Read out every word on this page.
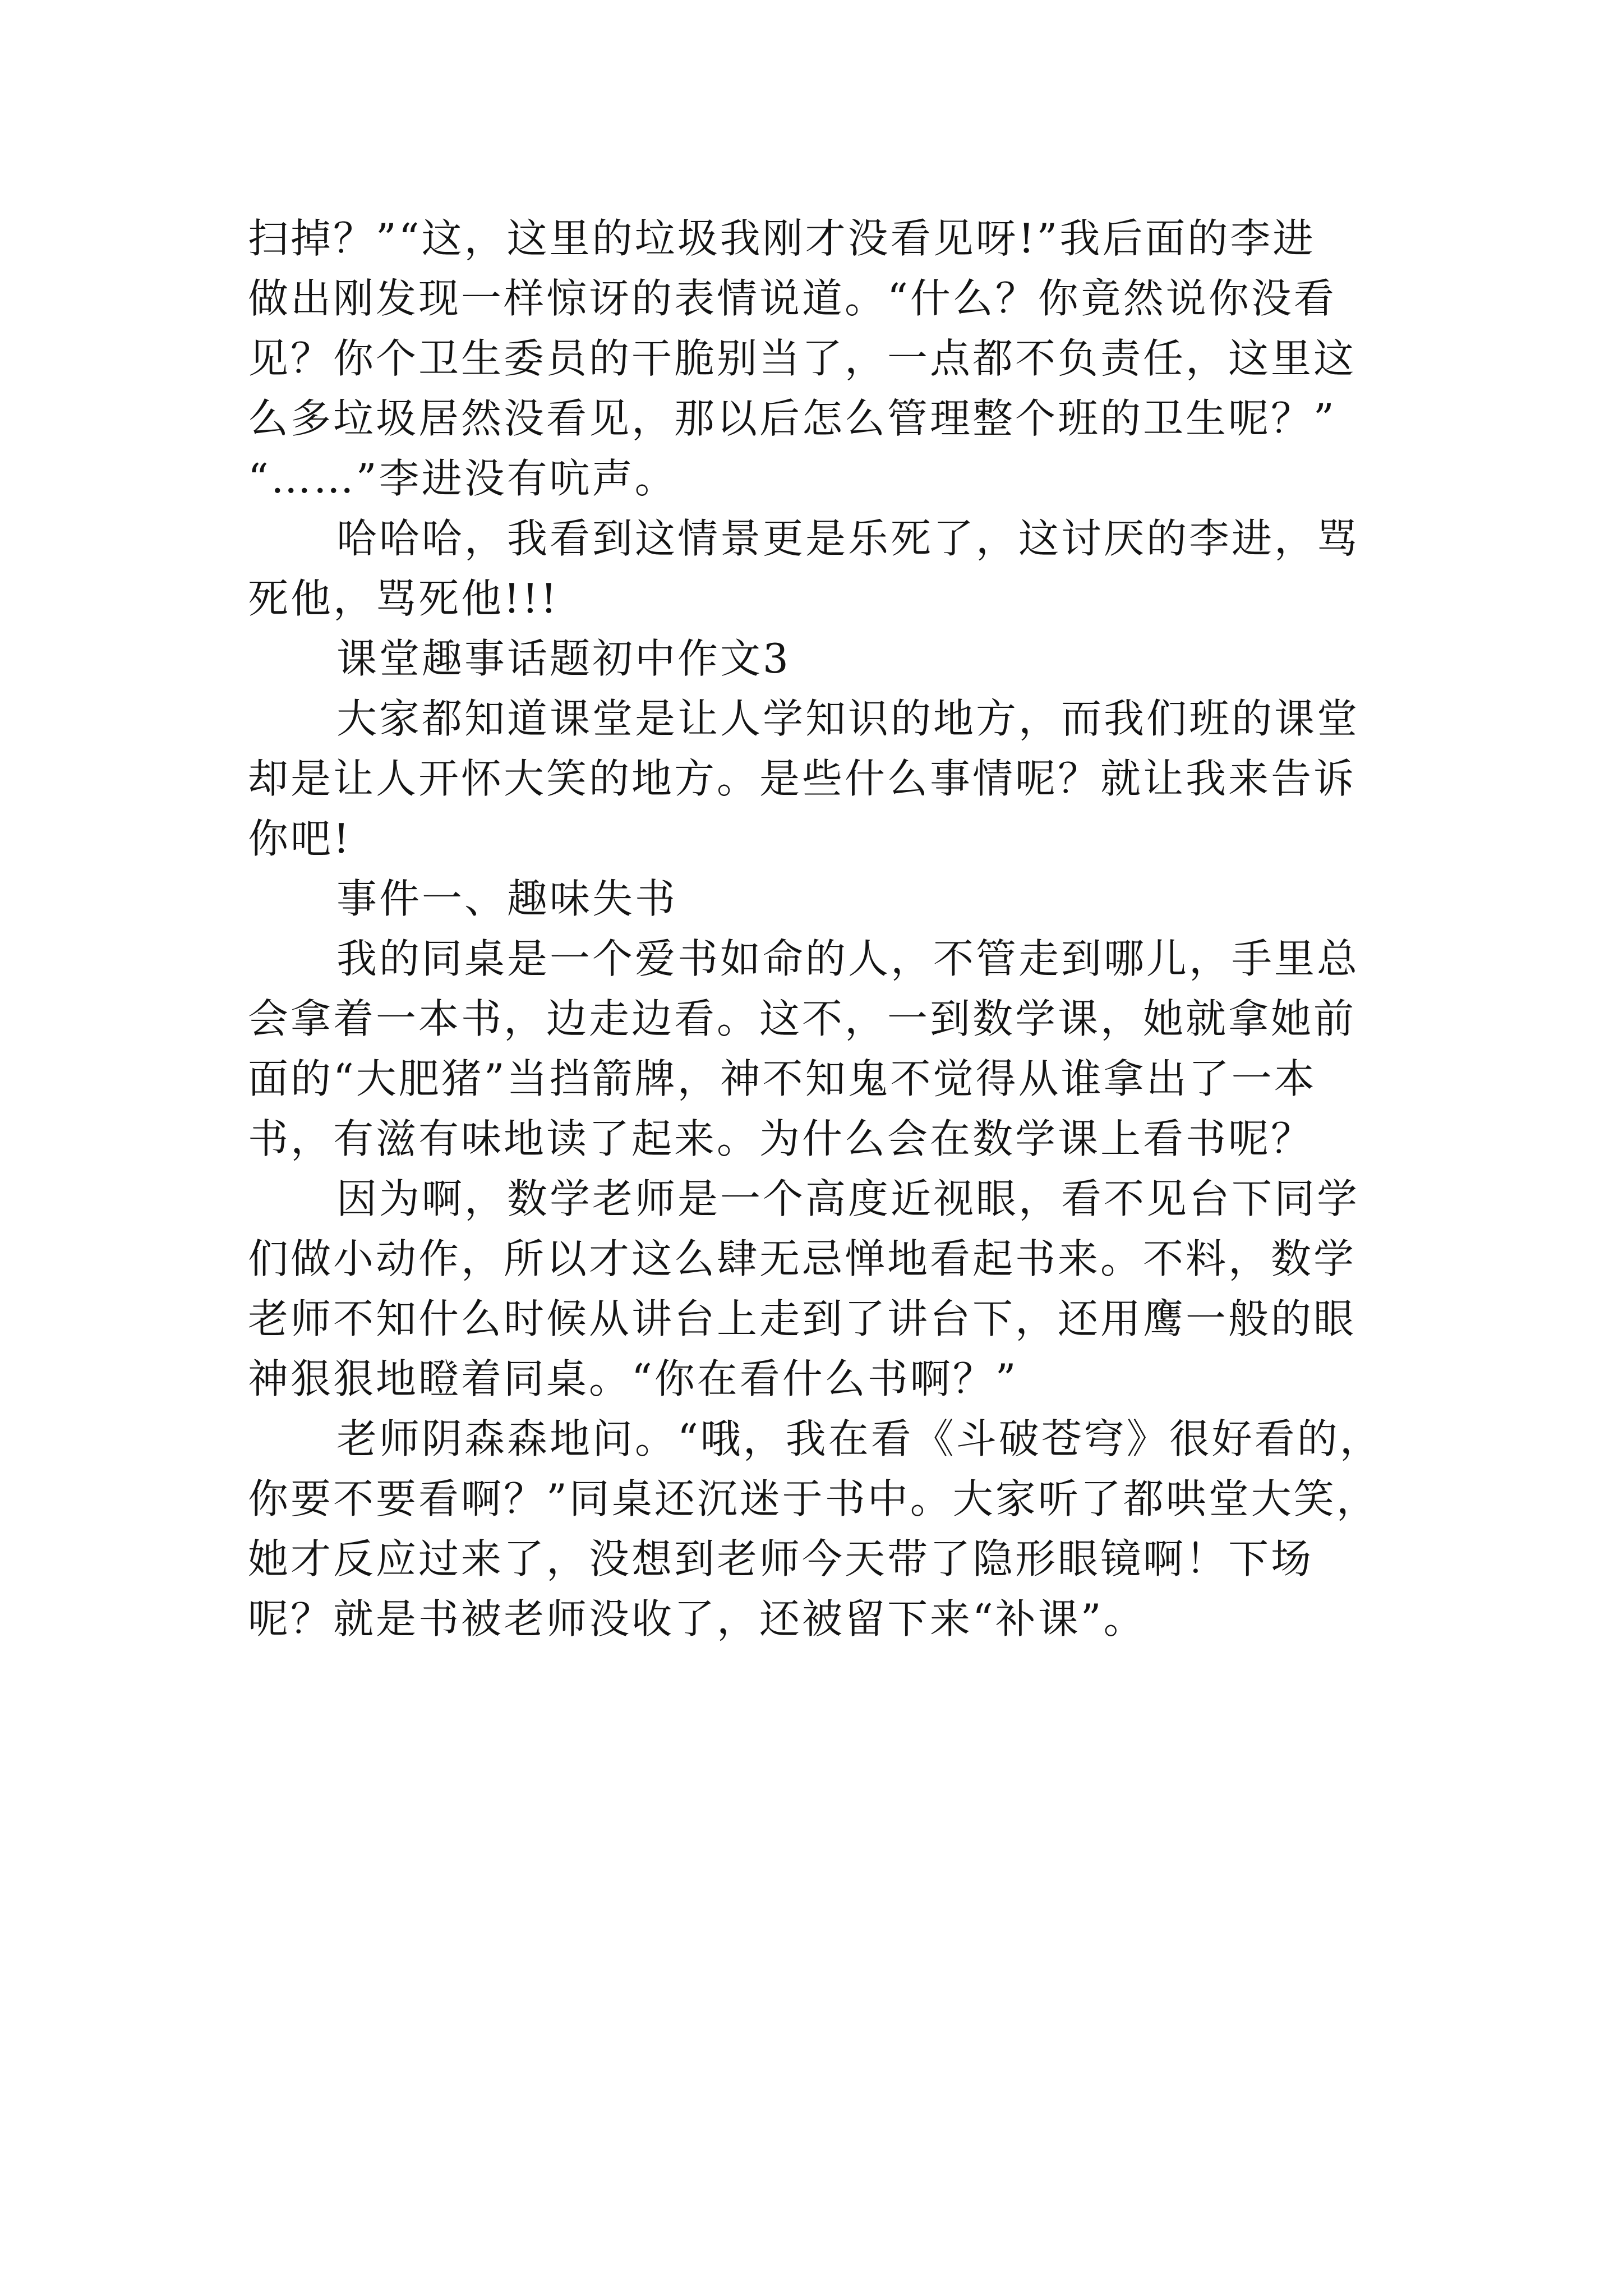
扫掉？”“这，这里的垃圾我刚才没看见呀!”我后面的李进
做出刚发现一样惊讶的表情说道。“什么？你竟然说你没看
见？你个卫生委员的干脆别当了，一点都不负责任，这里这
么多垃圾居然没看见，那以后怎么管理整个班的卫生呢？”
“……”李进没有吭声。
哈哈哈，我看到这情景更是乐死了，这讨厌的李进，骂
死他，骂死他!!!
课堂趣事话题初中作文3
大家都知道课堂是让人学知识的地方，而我们班的课堂
却是让人开怀大笑的地方。是些什么事情呢？就让我来告诉
你吧!
事件一、趣味失书
我的同桌是一个爱书如命的人，不管走到哪儿，手里总
会拿着一本书，边走边看。这不，一到数学课，她就拿她前
面的“大肥猪”当挡箭牌，神不知鬼不觉得从谁拿出了一本
书，有滋有味地读了起来。为什么会在数学课上看书呢？
因为啊，数学老师是一个高度近视眼，看不见台下同学
们做小动作，所以才这么肆无忌惮地看起书来。不料，数学
老师不知什么时候从讲台上走到了讲台下，还用鹰一般的眼
神狠狠地瞪着同桌。“你在看什么书啊？”
老师阴森森地问。“哦，我在看《斗破苍穹》很好看的，
你要不要看啊？”同桌还沉迷于书中。大家听了都哄堂大笑，
她才反应过来了，没想到老师今天带了隐形眼镜啊！下场
呢？就是书被老师没收了，还被留下来“补课”。
